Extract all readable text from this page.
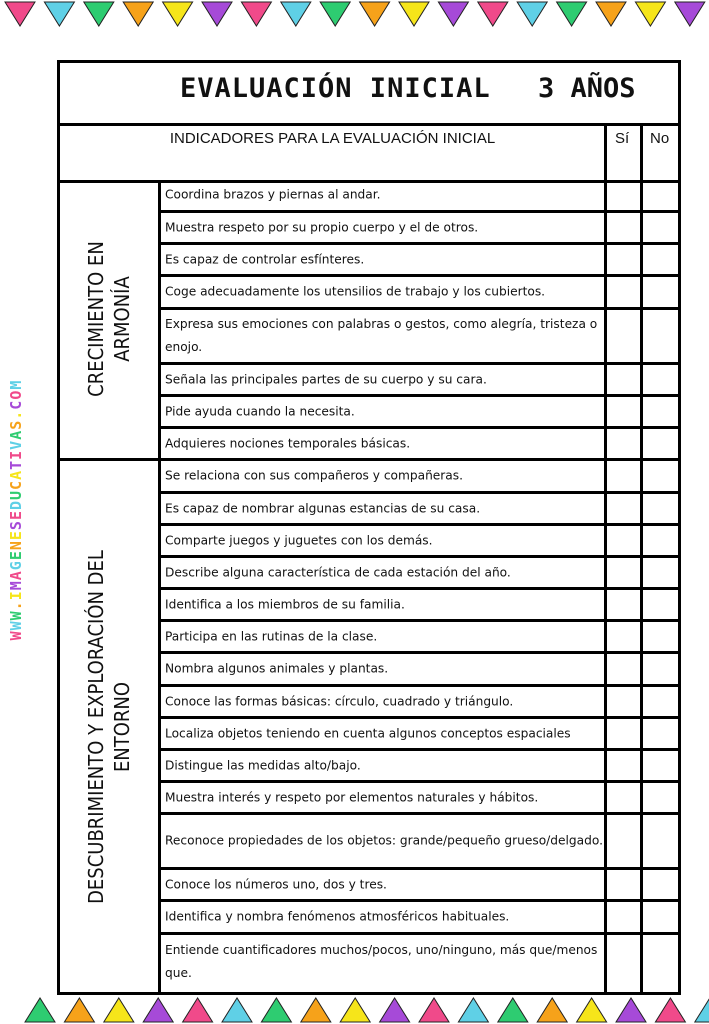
WWW.IMAGENESEDUCATIVAS.COM
EVALUACIÓN INICIAL 3 AÑOS
INDICADORES PARA LA EVALUACIÓN INICIAL	Sí No
CRECIMIENTO EN ARMONÍA
Coordina brazos y piernas al andar.
Muestra respeto por su propio cuerpo y el de otros.
Es capaz de controlar esfínteres.
Coge adecuadamente los utensilios de trabajo y los cubiertos.
Expresa sus emociones con palabras o gestos, como alegría, tristeza o enojo.
Señala las principales partes de su cuerpo y su cara.
Pide ayuda cuando la necesita.
Adquieres nociones temporales básicas.
DESCUBRIMIENTO Y EXPLORACIÓN DEL ENTORNO
Se relaciona con sus compañeros y compañeras.
Es capaz de nombrar algunas estancias de su casa.
Comparte juegos y juguetes con los demás.
Describe alguna característica de cada estación del año.
Identifica a los miembros de su familia.
Participa en las rutinas de la clase.
Nombra algunos animales y plantas.
Conoce las formas básicas: círculo, cuadrado y triángulo.
Localiza objetos teniendo en cuenta algunos conceptos espaciales
Distingue las medidas alto/bajo.
Muestra interés y respeto por elementos naturales y hábitos.
Reconoce propiedades de los objetos: grande/pequeño grueso/delgado.
Conoce los números uno, dos y tres.
Identifica y nombra fenómenos atmosféricos habituales.
Entiende cuantificadores muchos/pocos, uno/ninguno, más que/menos que.
